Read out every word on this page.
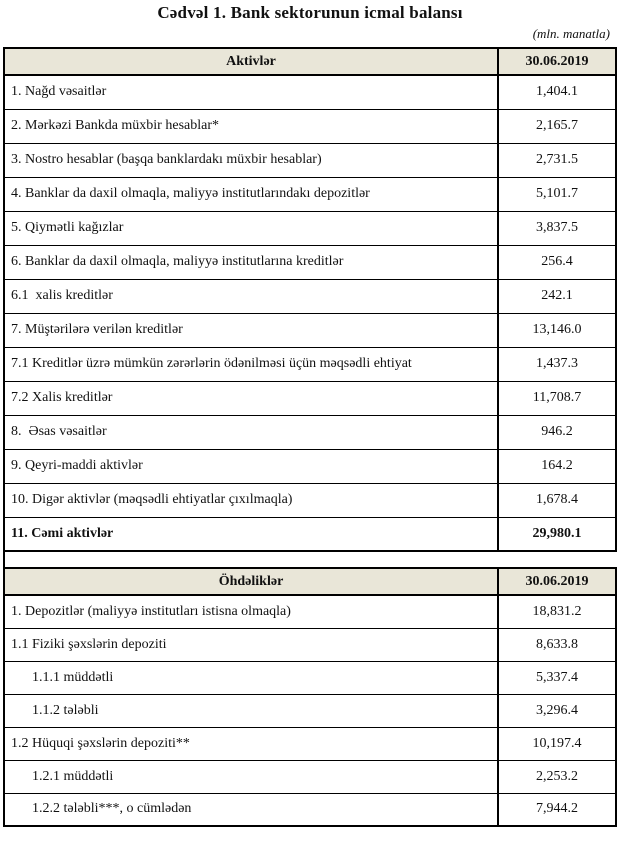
Cədvəl 1. Bank sektorunun icmal balansı
(mln. manatla)
Aktivlər	30.06.2019
1. Nağd vəsaitlər	1,404.1
2. Mərkəzi Bankda müxbir hesablar*	2,165.7
3. Nostro hesablar (başqa banklardakı müxbir hesablar)	2,731.5
4. Banklar da daxil olmaqla, maliyyə institutlarındakı depozitlər	5,101.7
5. Qiymətli kağızlar	3,837.5
6. Banklar da daxil olmaqla, maliyyə institutlarına kreditlər	256.4
6.1  xalis kreditlər	242.1
7. Müştərilərə verilən kreditlər	13,146.0
7.1 Kreditlər üzrə mümkün zərərlərin ödənilməsi üçün məqsədli ehtiyat	1,437.3
7.2 Xalis kreditlər	11,708.7
8.  Əsas vəsaitlər	946.2
9. Qeyri-maddi aktivlər	164.2
10. Digər aktivlər (məqsədli ehtiyatlar çıxılmaqla)	1,678.4
11. Cəmi aktivlər	29,980.1
Öhdəliklər	30.06.2019
1. Depozitlər (maliyyə institutları istisna olmaqla)	18,831.2
1.1 Fiziki şəxslərin depoziti	8,633.8
1.1.1 müddətli	5,337.4
1.1.2 tələbli	3,296.4
1.2 Hüquqi şəxslərin depoziti**	10,197.4
1.2.1 müddətli	2,253.2
1.2.2 tələbli***, o cümlədən	7,944.2
